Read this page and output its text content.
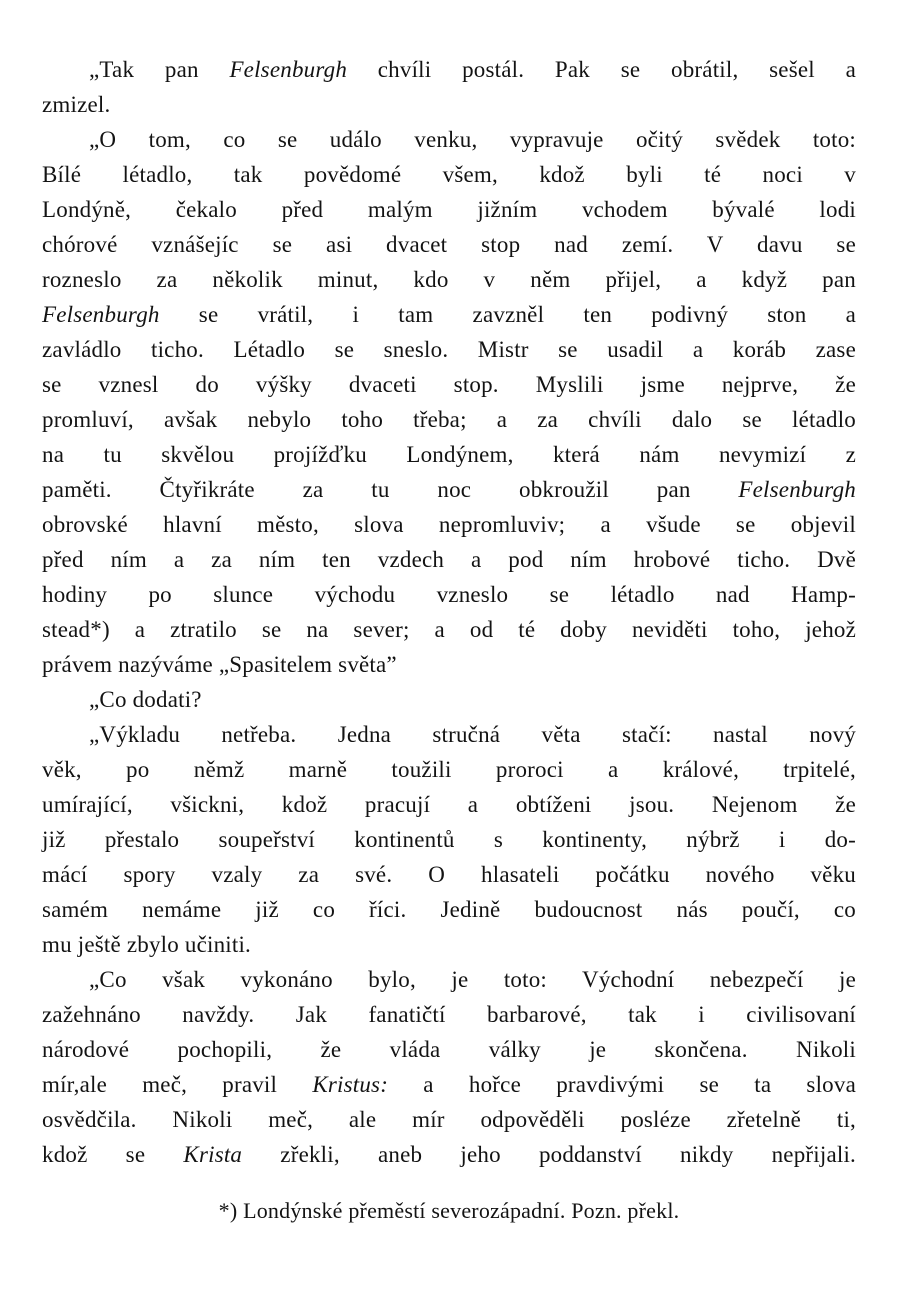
„Tak pan Felsenburgh chvíli postál. Pak se obrátil, sešel a
zmizel.
„O tom, co se událo venku, vypravuje očitý svědek toto:
Bílé létadlo, tak povědomé všem, kdož byli té noci v
Londýně, čekalo před malým jižním vchodem bývalé lodi
chórové vznášejíc se asi dvacet stop nad zemí. V davu se
rozneslo za několik minut, kdo v něm přijel, a když pan
Felsenburgh se vrátil, i tam zavzněl ten podivný ston a
zavládlo ticho. Létadlo se sneslo. Mistr se usadil a koráb zase
se vznesl do výšky dvaceti stop. Myslili jsme nejprve, že
promluví, avšak nebylo toho třeba; a za chvíli dalo se létadlo
na tu skvělou projížďku Londýnem, která nám nevymizí z
paměti. Čtyřikráte za tu noc obkroužil pan Felsenburgh
obrovské hlavní město, slova nepromluviv; a všude se objevil
před ním a za ním ten vzdech a pod ním hrobové ticho. Dvě
hodiny po slunce východu vzneslo se létadlo nad Hamp-
stead*) a ztratilo se na sever; a od té doby neviděti toho, jehož
právem nazýváme „Spasitelem světa”
„Co dodati?
„Výkladu netřeba. Jedna stručná věta stačí: nastal nový
věk, po němž marně toužili proroci a králové, trpitelé,
umírající, všickni, kdož pracují a obtíženi jsou. Nejenom že
již přestalo soupeřství kontinentů s kontinenty, nýbrž i do-
mácí spory vzaly za své. O hlasateli počátku nového věku
samém nemáme již co říci. Jedině budoucnost nás poučí, co
mu ještě zbylo učiniti.
„Co však vykonáno bylo, je toto: Východní nebezpečí je
zažehnáno navždy. Jak fanatičtí barbarové, tak i civilisovaní
národové pochopili, že vláda války je skončena. Nikoli
mír,ale meč, pravil Kristus: a hořce pravdivými se ta slova
osvědčila. Nikoli meč, ale mír odpověděli posléze zřetelně ti,
kdož se Krista zřekli, aneb jeho poddanství nikdy nepřijali.
*) Londýnské přeměstí severozápadní. Pozn. překl.
